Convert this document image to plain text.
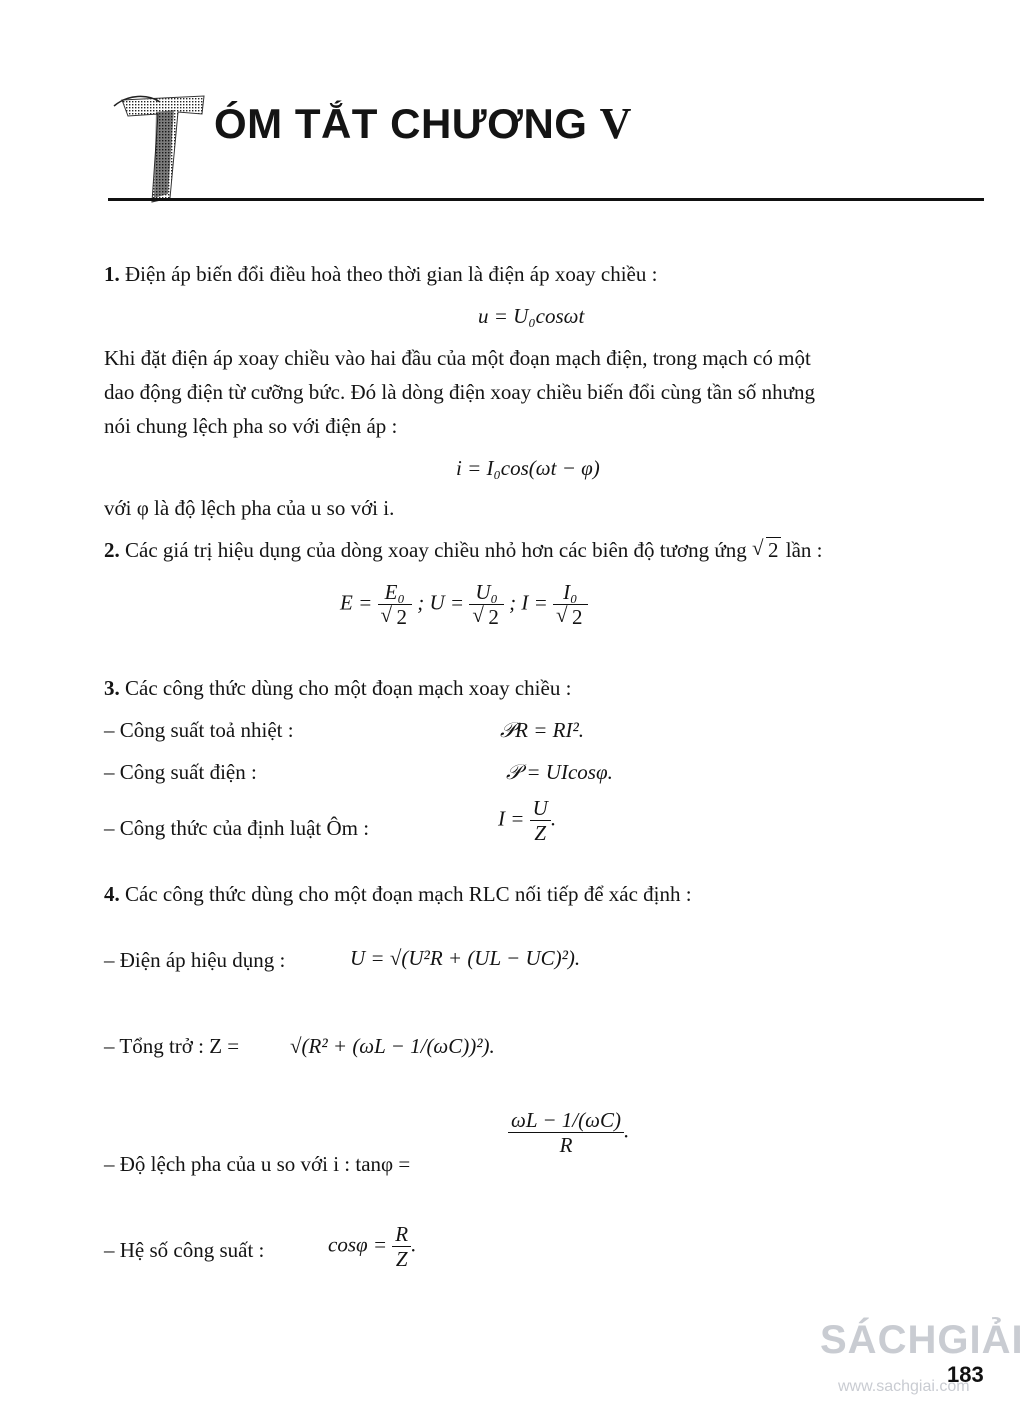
ÓM TẮT CHƯƠNG V
1. Điện áp biến đổi điều hoà theo thời gian là điện áp xoay chiều :
u = U₀cosωt
Khi đặt điện áp xoay chiều vào hai đầu của một đoạn mạch điện, trong mạch có một
dao động điện từ cưỡng bức. Đó là dòng điện xoay chiều biến đổi cùng tần số nhưng
nói chung lệch pha so với điện áp :
i = I₀cos(ωt − φ)
với φ là độ lệch pha của u so với i.
2. Các giá trị hiệu dụng của dòng xoay chiều nhỏ hơn các biên độ tương ứng √ 2 lần :
E = E₀
√ 2 ; U = U₀
√ 2 ; I = I₀
√ 2
3. Các công thức dùng cho một đoạn mạch xoay chiều :
– Công suất toả nhiệt :	𝒫R = RI².
– Công suất điện :	𝒫 = UIcosφ.
– Công thức của định luật Ôm :	$I = \frac{U}{Z}$ .
4. Các công thức dùng cho một đoạn mạch RLC nối tiếp để xác định :
– Điện áp hiệu dụng :	U = √(U²R + (UL − UC)²).
– Tổng trở : Z = √(R² + (ωL − 1/(ωC))²).
– Độ lệch pha của u so với i : tanφ =
$\frac{\omega L - 1/(\omega C)}{R}$ .
– Hệ số công suất :	$\cos\varphi = \frac{R}{Z}$ .
SÁCHGIẢI
183
www.sachgiai.com
